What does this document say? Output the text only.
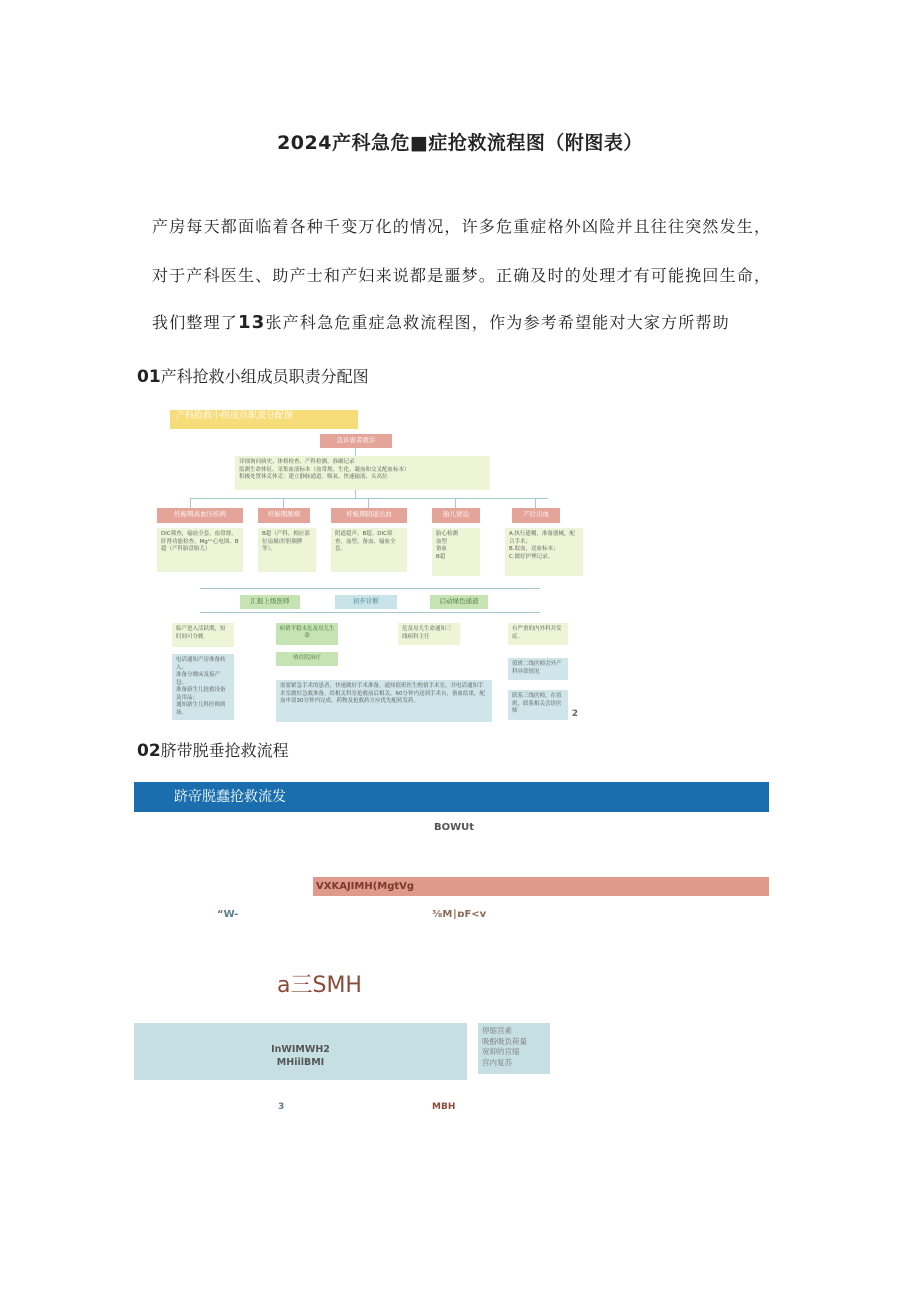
2024产科急危■症抢救流程图（附图表）
产房每天都面临着各种千变万化的情况，许多危重症格外凶险并且往往突然发生，
对于产科医生、助产士和产妇来说都是噩梦。正确及时的处理才有可能挽回生命，
我们整理了13张产科急危重症急救流程图，作为参考希望能对大家方所帮助
01产科抢救小组成员职责分配图
产科抢救小组成员职责分配图
急诊患者就诊
详细询问病史、体格检查、产科检测、准确记录
监测生命体征、采集血液标本（血常规、生化、凝血和交叉配血标本）
积极处置休克体克：建立静脉通道、吸氧、快速输液、头高位
妊娠期高血压疾病	妊娠期脓病	妊娠期阴道出血	胎儿窘迫	产后出血
DIC筛查，输血全套、血常规、肝肾功能检查、Mg²⁺心电图、B超（产科胎盘胎儿）
B超（产科、相应部位扇描/肝胆胰脾等）。
阴道超声、B超、DIC筛查、血型、备血、输血全套。
胎心检测
血型
备血
B超
A.执行遗嘱，准备器械，配合手术；
B.取血，送血标本；
C.做好护理记录。
汇报上级医师	初步诊断	启动绿色通道
临产进入活跃期，短时间可分娩
电话通知产房准备转入；
准备分娩床及接产包；
准备新生儿抢救设备及用品；
通知新生儿科医师到场。
病情平稳未危及母儿生命
收住院治疗
需要紧急手术的患者，快速做好手术准备，通知值班医生酌情手术室，并电话通知手术室做好急救准备，给相关科室抢救前后相关，60分钟内送到手术台，备血结果，配血申请30分钟内完成，药物及抢救药方应优先配药发药。
危及母儿生命通知三线病科主任
有严重的内外科并发症。
值班二线医师会外产科异常情况
联系三线医师，在值班，联系相关会诊医师	2
02脐带脱垂抢救流程
跻帝脱蠢抢救流发
BOWUt
VXKAJIMH(MgtVg
“W-	⅜M∣ɒF<v
a三SMH
InWIMWH2
MHiilBMI
停缩宫素
吸酚吸负荷量
宽抑的宫缩
宫内复苏
3	MBH
